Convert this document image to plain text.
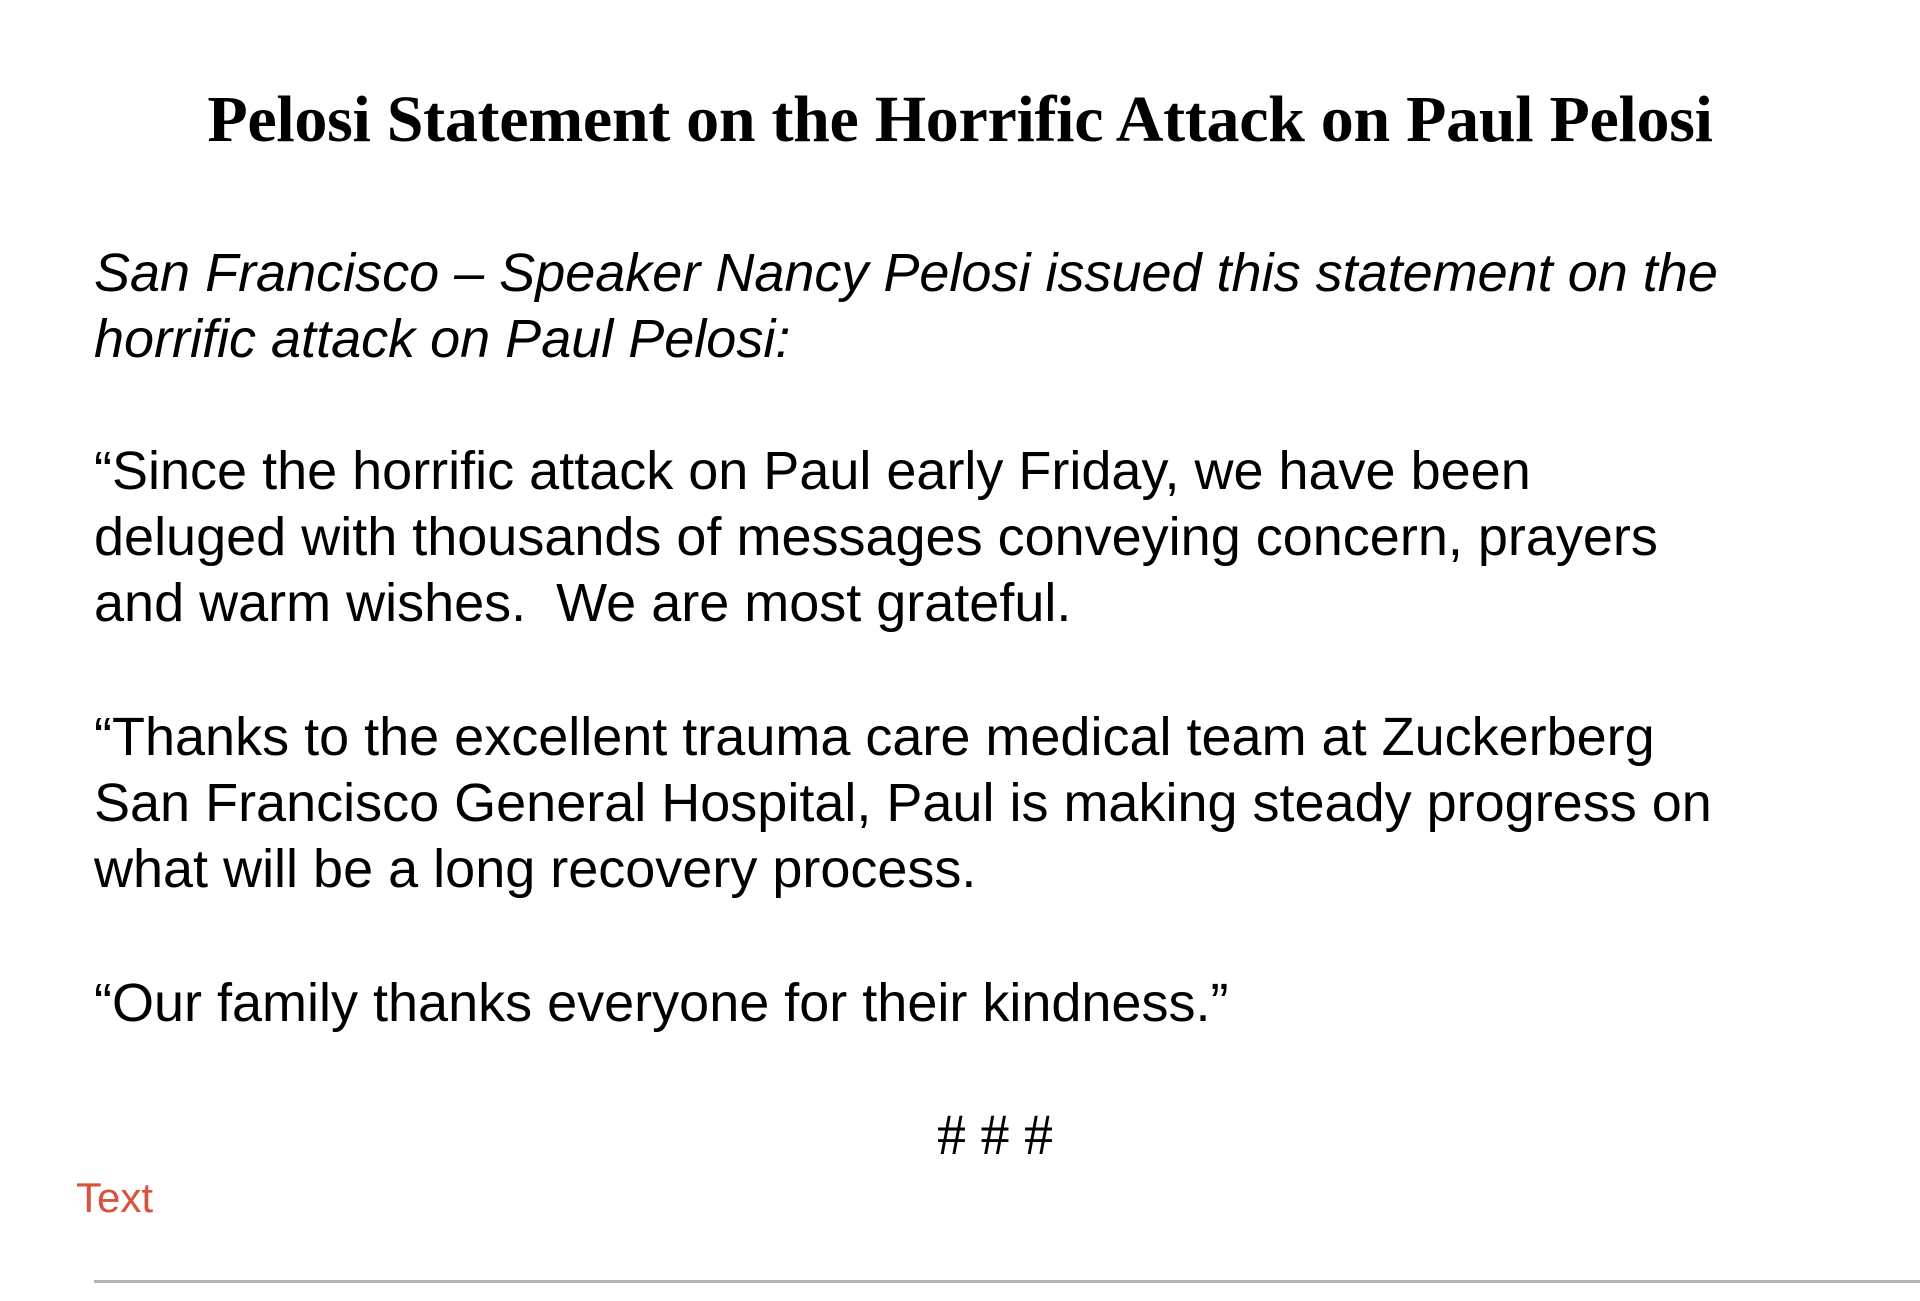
Pelosi Statement on the Horrific Attack on Paul Pelosi

San Francisco – Speaker Nancy Pelosi issued this statement on the
horrific attack on Paul Pelosi:

“Since the horrific attack on Paul early Friday, we have been
deluged with thousands of messages conveying concern, prayers
and warm wishes.  We are most grateful.

“Thanks to the excellent trauma care medical team at Zuckerberg
San Francisco General Hospital, Paul is making steady progress on
what will be a long recovery process.

“Our family thanks everyone for their kindness.”

# # #

Text
